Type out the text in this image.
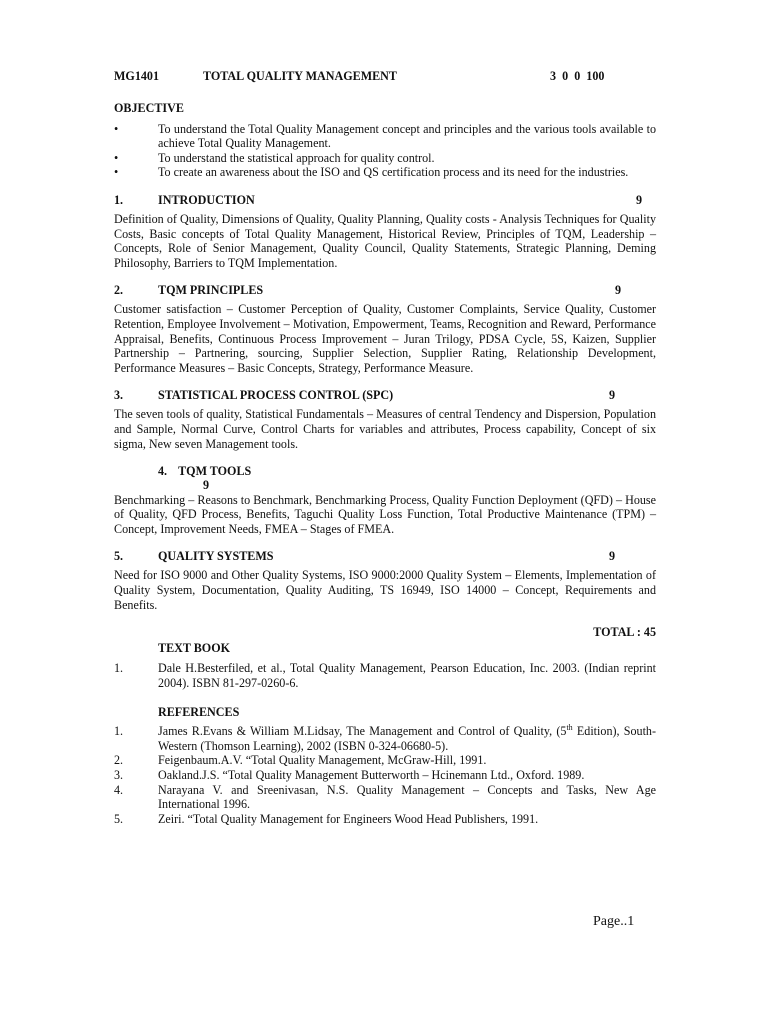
MG1401	TOTAL QUALITY MANAGEMENT	3  0  0  100
OBJECTIVE
•	To understand the Total Quality Management concept and principles and the various tools available to achieve Total Quality Management.
•	To understand the statistical approach for quality control.
•	To create an awareness about the ISO and QS certification process and its need for the industries.
1.	INTRODUCTION	9
Definition of Quality, Dimensions of Quality, Quality Planning, Quality costs - Analysis Techniques for Quality Costs, Basic concepts of Total Quality Management, Historical Review, Principles of TQM, Leadership – Concepts, Role of Senior Management, Quality Council, Quality Statements, Strategic Planning, Deming Philosophy, Barriers to TQM Implementation.
2.	TQM PRINCIPLES	9
Customer satisfaction – Customer Perception of Quality, Customer Complaints, Service Quality, Customer Retention, Employee Involvement – Motivation, Empowerment, Teams, Recognition and Reward, Performance Appraisal, Benefits, Continuous Process Improvement – Juran Trilogy, PDSA Cycle, 5S, Kaizen, Supplier Partnership – Partnering, sourcing, Supplier Selection, Supplier Rating, Relationship Development, Performance Measures – Basic Concepts, Strategy, Performance Measure.
3.	STATISTICAL PROCESS CONTROL (SPC)	9
The seven tools of quality, Statistical Fundamentals – Measures of central Tendency and Dispersion, Population and Sample, Normal Curve, Control Charts for variables and attributes, Process capability, Concept of six sigma, New seven Management tools.
4. TQM TOOLS
9
Benchmarking – Reasons to Benchmark, Benchmarking Process, Quality Function Deployment (QFD) – House of Quality, QFD Process, Benefits, Taguchi Quality Loss Function, Total Productive Maintenance (TPM) – Concept, Improvement Needs, FMEA – Stages of FMEA.
5.	QUALITY SYSTEMS	9
Need for ISO 9000 and Other Quality Systems, ISO 9000:2000 Quality System – Elements, Implementation of Quality System, Documentation, Quality Auditing, TS 16949, ISO 14000 – Concept, Requirements and Benefits.
TOTAL : 45
TEXT BOOK
1.	Dale H.Besterfiled, et al., Total Quality Management, Pearson Education, Inc. 2003. (Indian reprint 2004). ISBN 81-297-0260-6.
REFERENCES
1.	James R.Evans & William M.Lidsay, The Management and Control of Quality, (5th Edition), South-Western (Thomson Learning), 2002 (ISBN 0-324-06680-5).
2.	Feigenbaum.A.V. “Total Quality Management, McGraw-Hill, 1991.
3.	Oakland.J.S. “Total Quality Management Butterworth – Hcinemann Ltd., Oxford. 1989.
4.	Narayana V. and Sreenivasan, N.S. Quality Management – Concepts and Tasks, New Age International 1996.
5.	Zeiri. “Total Quality Management for Engineers Wood Head Publishers, 1991.
Page..1
